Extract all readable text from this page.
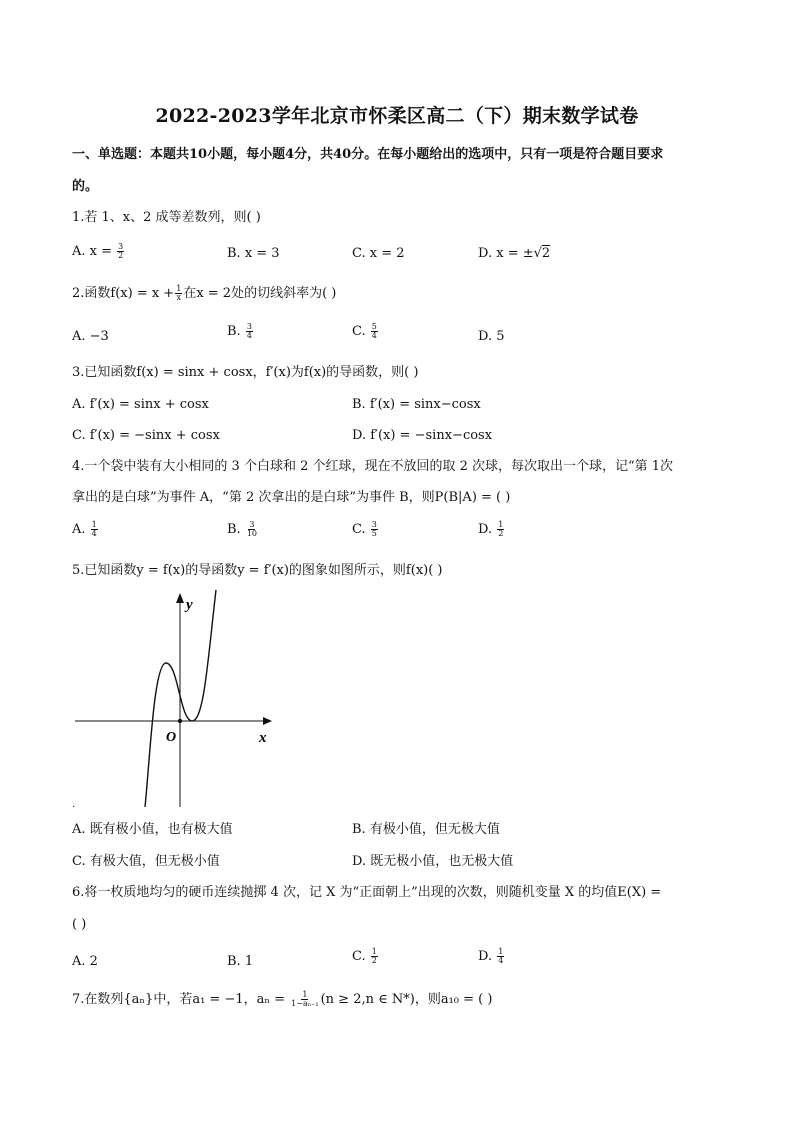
2022-2023学年北京市怀柔区高二（下）期末数学试卷
一、单选题：本题共10小题，每小题4分，共40分。在每小题给出的选项中，只有一项是符合题目要求
的。
1.若 1、x、2 成等差数列，则( )
A. $x = \frac{3}{2}$	B. x = 3	C. x = 2	D. x = ±√2
2.函数$f(x) = x + \frac{1}{x}$ 在x = 2处的切线斜率为( )
A. −3	B. $\frac{3}{4}$	C. $\frac{5}{4}$	D. 5
3.已知函数f(x) = sinx + cosx，f′(x)为f(x)的导函数，则( )
A. f′(x) = sinx + cosx	B. f′(x) = sinx−cosx
C. f′(x) = −sinx + cosx	D. f′(x) = −sinx−cosx
4.一个袋中装有大小相同的 3 个白球和 2 个红球，现在不放回的取 2 次球，每次取出一个球，记“第 1次
拿出的是白球”为事件 A，“第 2 次拿出的是白球”为事件 B，则P(B|A) = ( )
A. $\frac{1}{4}$	B. $\frac{3}{10}$	C. $\frac{3}{5}$	D. $\frac{1}{2}$
5.已知函数y = f(x)的导函数y = f′(x)的图象如图所示，则f(x)( )
y
x
O
.
A. 既有极小值，也有极大值	B. 有极小值，但无极大值
C. 有极大值，但无极小值	D. 既无极小值，也无极大值
6.将一枚质地均匀的硬币连续抛掷 4 次，记 X 为“正面朝上”出现的次数，则随机变量 X 的均值E(X) =
( )
A. 2	B. 1	C. $\frac{1}{2}$	D. $\frac{1}{4}$
7.在数列{aₙ}中，若a₁ = −1，$a_n = \frac{1}{\text{1−aₙ₋₁}} (n \ge 2,n$ ∈ N*)，则a₁₀ = ( )
